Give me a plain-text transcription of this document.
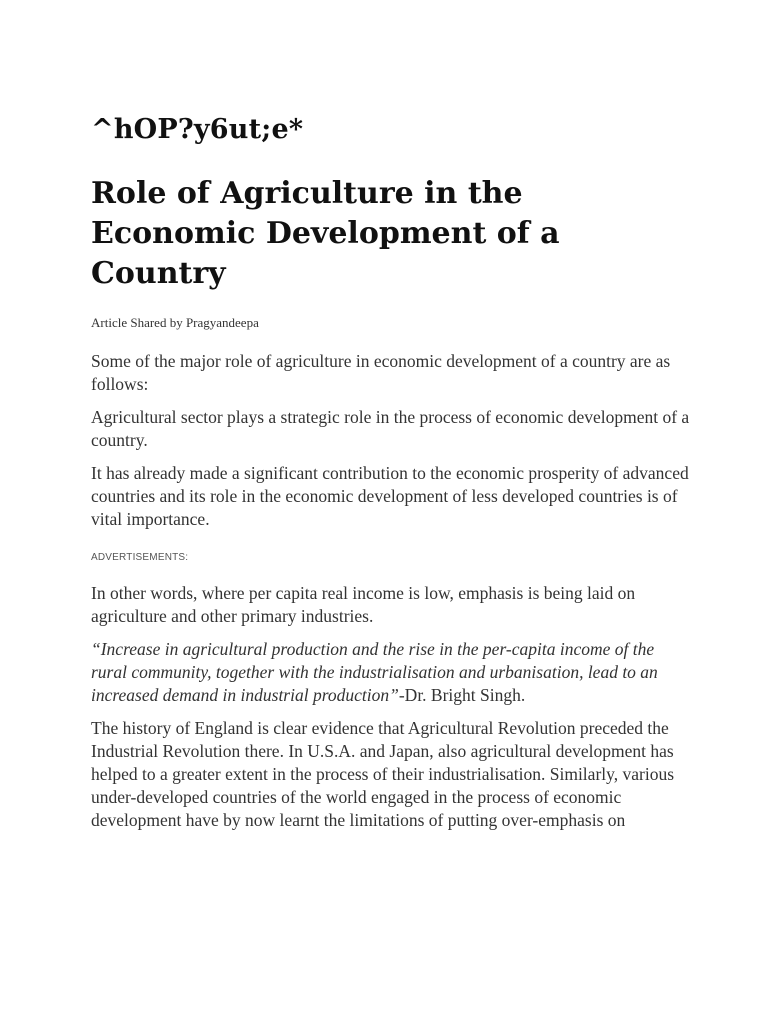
^hOP?y6ut;e*
Role of Agriculture in the Economic Development of a Country
Article Shared by Pragyandeepa

Some of the major role of agriculture in economic development of a country are as follows:

Agricultural sector plays a strategic role in the process of economic development of a country.

It has already made a significant contribution to the economic prosperity of advanced countries and its role in the economic development of less developed countries is of vital importance.

ADVERTISEMENTS:

In other words, where per capita real income is low, emphasis is being laid on agriculture and other primary industries.

“Increase in agricultural production and the rise in the per-capita income of the rural community, together with the industrialisation and urbanisation, lead to an increased demand in industrial production”-Dr. Bright Singh.

The history of England is clear evidence that Agricultural Revolution preceded the Industrial Revolution there. In U.S.A. and Japan, also agricultural development has helped to a greater extent in the process of their industrialisation. Similarly, various under-developed countries of the world engaged in the process of economic development have by now learnt the limitations of putting over-emphasis on
